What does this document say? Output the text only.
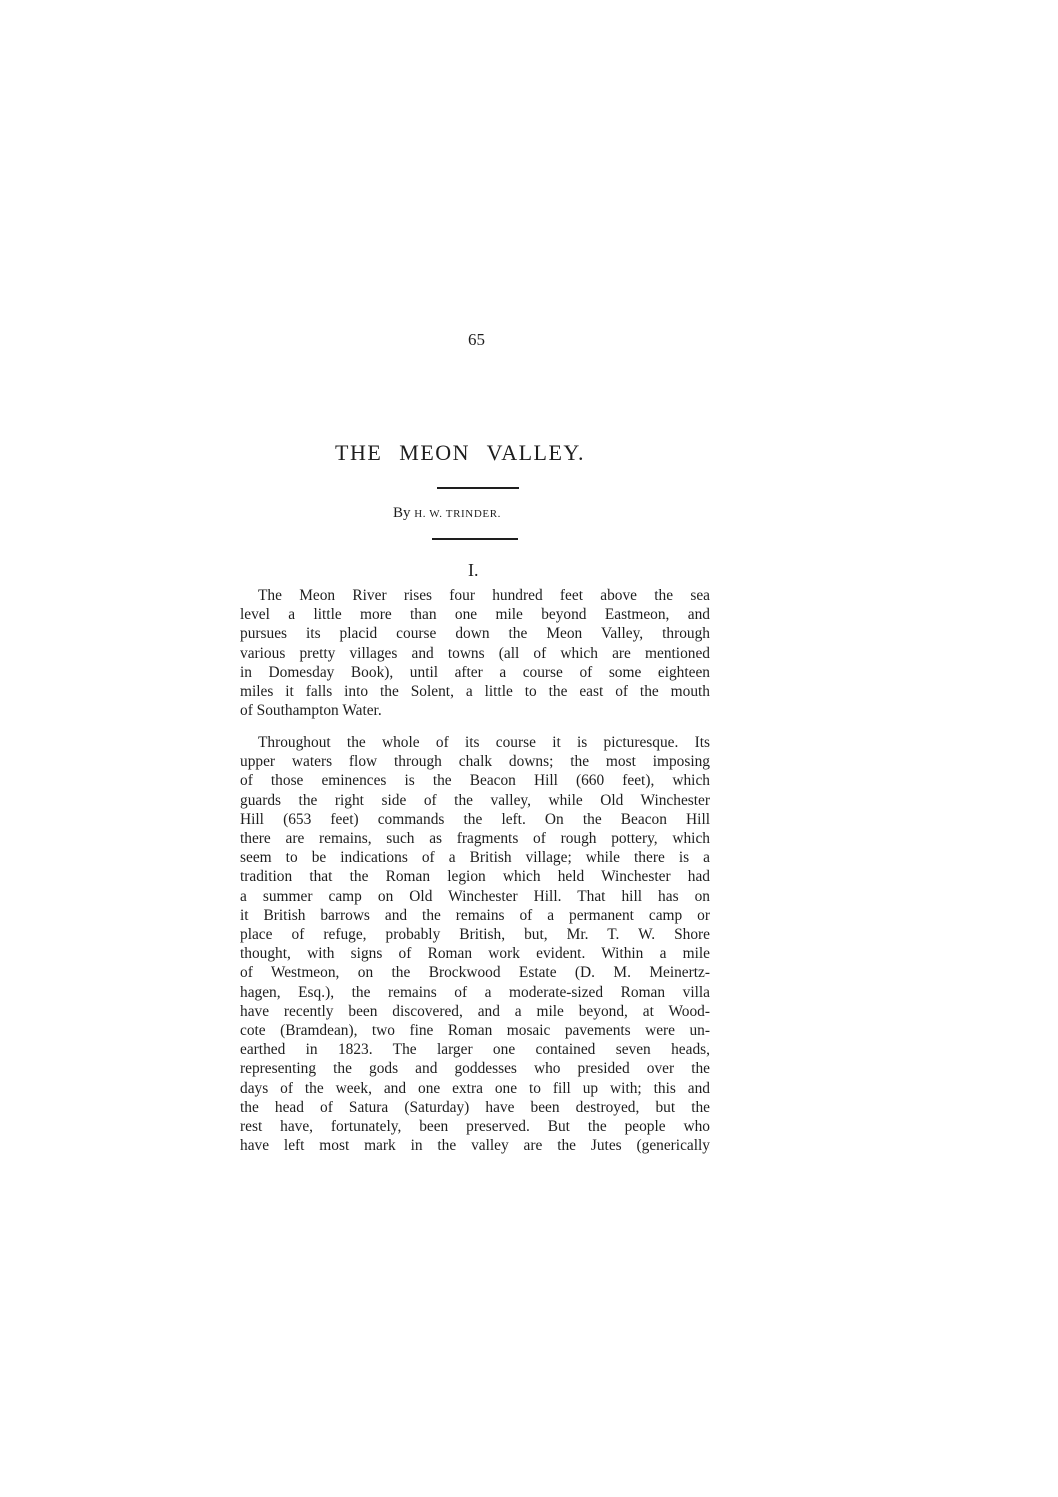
65
THE MEON VALLEY.
By H. W. TRINDER.
I.
The Meon River rises four hundred feet above the sea
level a little more than one mile beyond Eastmeon, and
pursues its placid course down the Meon Valley, through
various pretty villages and towns (all of which are mentioned
in Domesday Book), until after a course of some eighteen
miles it falls into the Solent, a little to the east of the mouth
of Southampton Water.
Throughout the whole of its course it is picturesque. Its
upper waters flow through chalk downs; the most imposing
of those eminences is the Beacon Hill (660 feet), which
guards the right side of the valley, while Old Winchester
Hill (653 feet) commands the left. On the Beacon Hill
there are remains, such as fragments of rough pottery, which
seem to be indications of a British village; while there is a
tradition that the Roman legion which held Winchester had
a summer camp on Old Winchester Hill. That hill has on
it British barrows and the remains of a permanent camp or
place of refuge, probably British, but, Mr. T. W. Shore
thought, with signs of Roman work evident. Within a mile
of Westmeon, on the Brockwood Estate (D. M. Meinertz-
hagen, Esq.), the remains of a moderate-sized Roman villa
have recently been discovered, and a mile beyond, at Wood-
cote (Bramdean), two fine Roman mosaic pavements were un-
earthed in 1823. The larger one contained seven heads,
representing the gods and goddesses who presided over the
days of the week, and one extra one to fill up with; this and
the head of Satura (Saturday) have been destroyed, but the
rest have, fortunately, been preserved. But the people who
have left most mark in the valley are the Jutes (generically
